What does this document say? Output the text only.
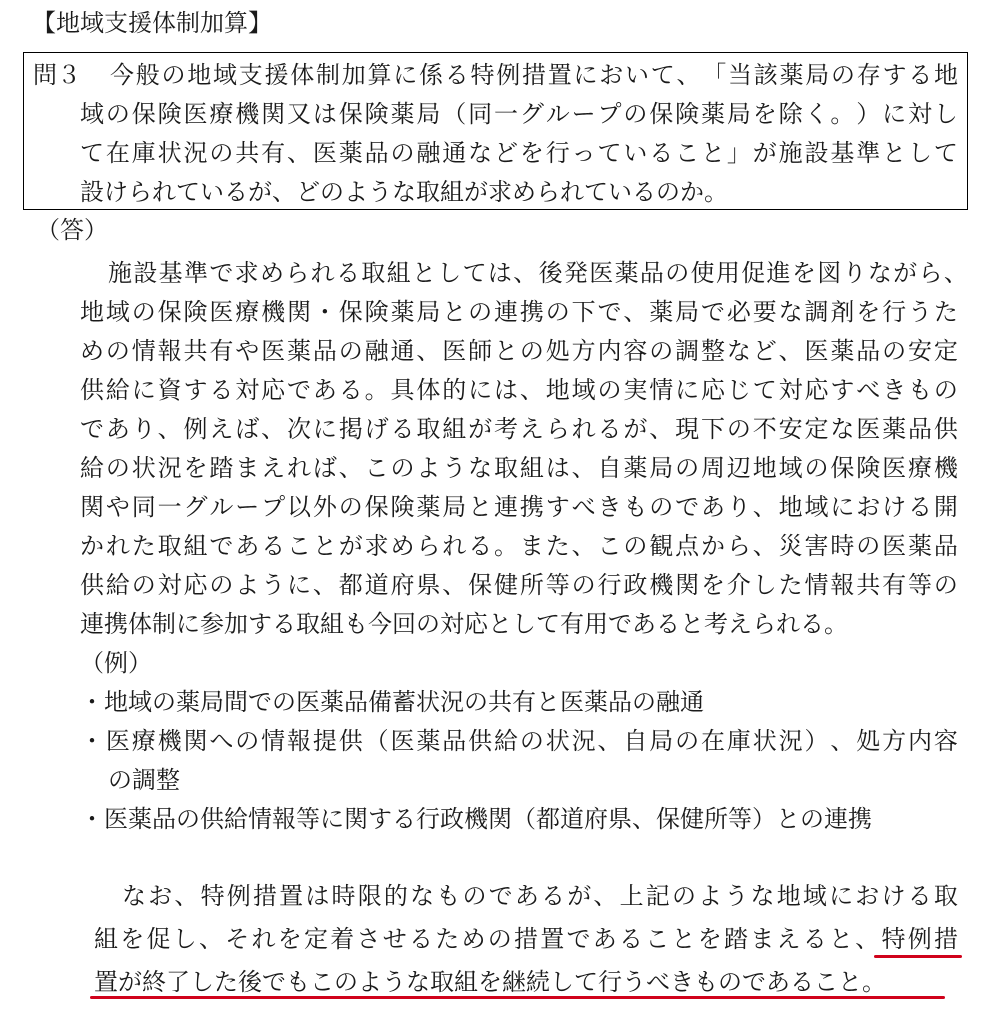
【地域支援体制加算】
問３ 今 般 の 地 域 支 援 体 制 加 算 に 係 る 特 例 措 置 に お い て 、 「 当 該 薬 局 の 存 す る 地
域 の 保 険 医 療 機 関 又 は 保 険 薬 局 （ 同 一 グ ル ー プ の 保 険 薬 局 を 除 く 。 ） に 対 し
て 在 庫 状 況 の 共 有 、 医 薬 品 の 融 通 な ど を 行 っ て い る こ と 」 が 施 設 基 準 と し て
設けられているが、どのような取組が求められているのか。
（答）
施 設 基 準 で 求 め ら れ る 取 組 と し て は 、 後 発 医 薬 品 の 使 用 促 進 を 図 り な が ら 、
地 域 の 保 険 医 療 機 関 ・ 保 険 薬 局 と の 連 携 の 下 で 、 薬 局 で 必 要 な 調 剤 を 行 う た
め の 情 報 共 有 や 医 薬 品 の 融 通 、 医 師 と の 処 方 内 容 の 調 整 な ど 、 医 薬 品 の 安 定
供 給 に 資 す る 対 応 で あ る 。 具 体 的 に は 、 地 域 の 実 情 に 応 じ て 対 応 す べ き も の
で あ り 、 例 え ば 、 次 に 掲 げ る 取 組 が 考 え ら れ る が 、 現 下 の 不 安 定 な 医 薬 品 供
給 の 状 況 を 踏 ま え れ ば 、 こ の よ う な 取 組 は 、 自 薬 局 の 周 辺 地 域 の 保 険 医 療 機
関 や 同 一 グ ル ー プ 以 外 の 保 険 薬 局 と 連 携 す べ き も の で あ り 、 地 域 に お け る 開
か れ た 取 組 で あ る こ と が 求 め ら れ る 。 ま た 、 こ の 観 点 か ら 、 災 害 時 の 医 薬 品
供 給 の 対 応 の よ う に 、 都 道 府 県 、 保 健 所 等 の 行 政 機 関 を 介 し た 情 報 共 有 等 の
連携体制に参加する取組も今回の対応として有用であると考えられる。
（例）
・地域の薬局間での医薬品備蓄状況の共有と医薬品の融通
・ 医 療 機 関 へ の 情 報 提 供 （ 医 薬 品 供 給 の 状 況 、 自 局 の 在 庫 状 況 ） 、 処 方 内 容
の調整
・医薬品の供給情報等に関する行政機関（都道府県、保健所等）との連携
な お 、 特 例 措 置 は 時 限 的 な も の で あ る が 、 上 記 の よ う な 地 域 に お け る 取
組 を 促 し 、 そ れ を 定 着 さ せ る た め の 措 置 で あ る こ と を 踏 ま え る と 、 特 例 措
置が終了した後でもこのような取組を継続して行うべきものであること。
